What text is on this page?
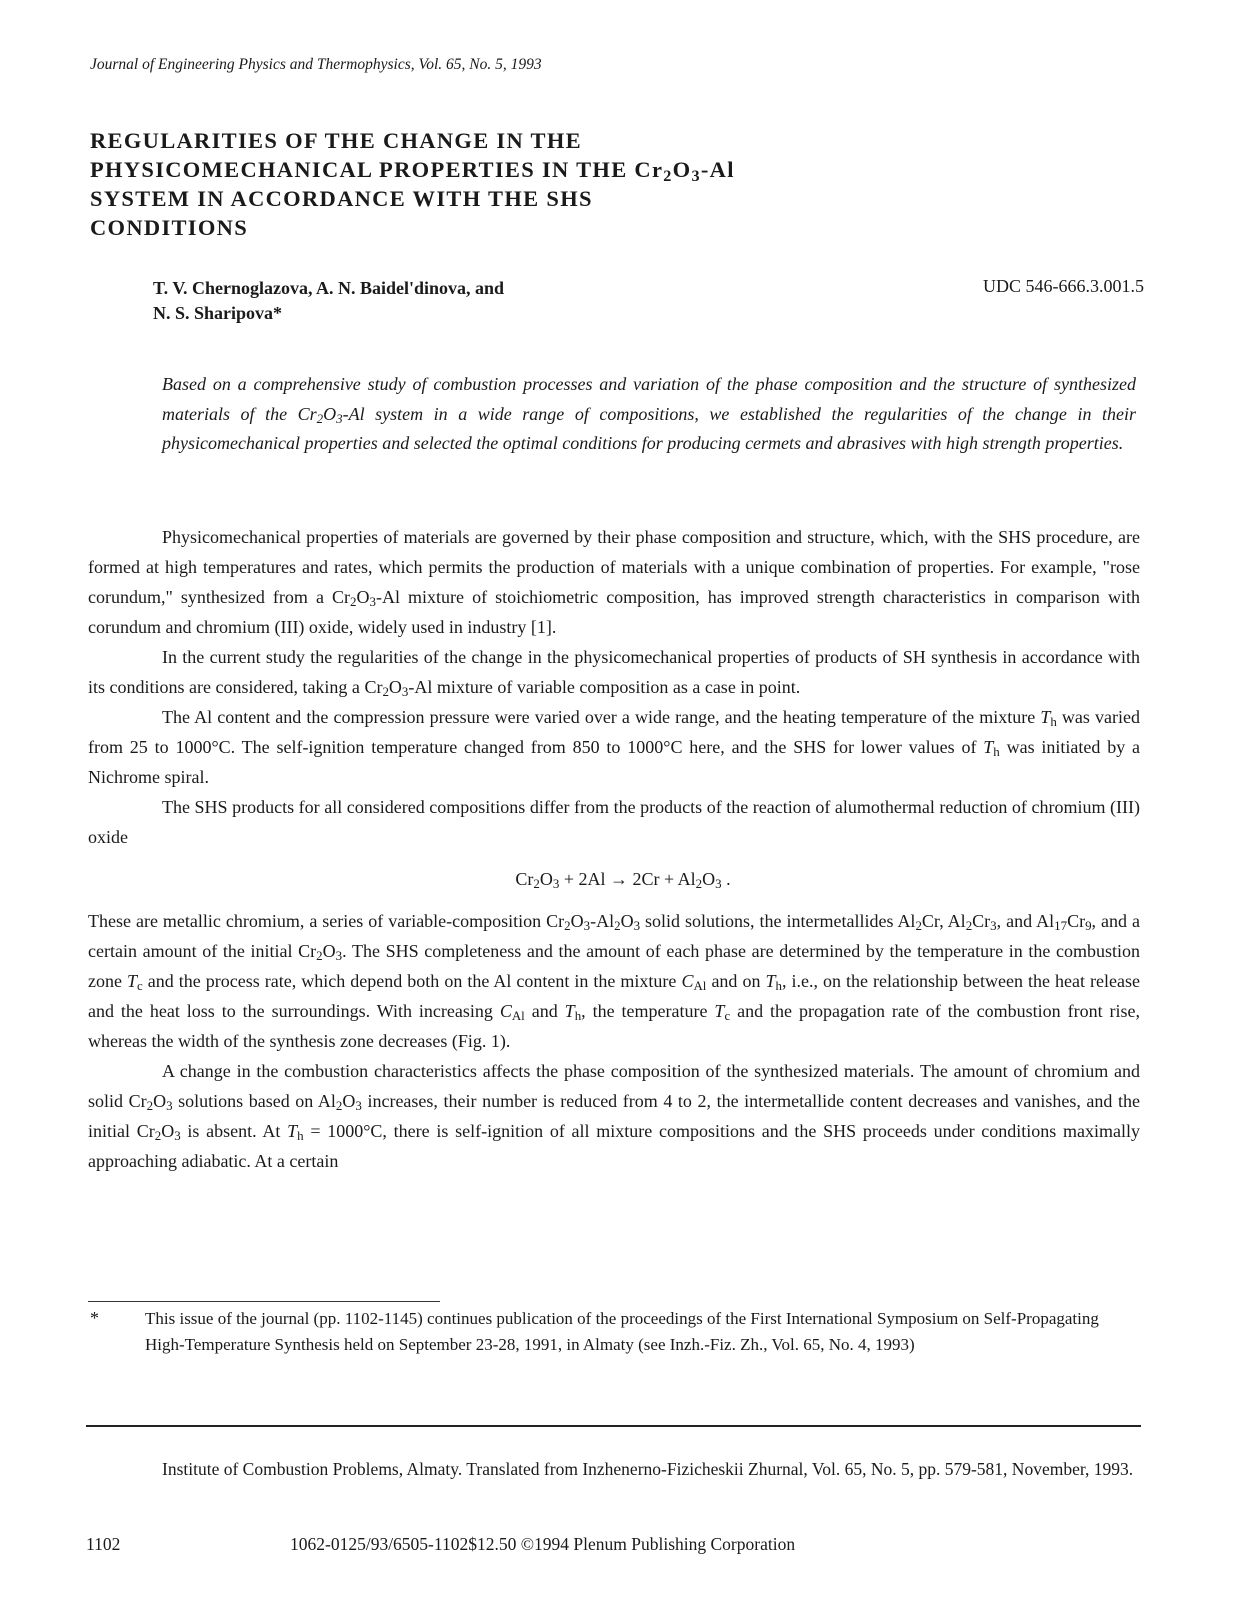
Journal of Engineering Physics and Thermophysics, Vol. 65, No. 5, 1993
REGULARITIES OF THE CHANGE IN THE
PHYSICOMECHANICAL PROPERTIES IN THE $Cr_2O_3-Al$
SYSTEM IN ACCORDANCE WITH THE SHS
CONDITIONS
T. V. Chernoglazova, A. N. Baidel'dinova, and
N. S. Sharipova*
UDC 546-666.3.001.5
Based on a comprehensive study of combustion processes and variation of the phase composition and the structure of synthesized materials of the $Cr_2O_3-Al$ system in a wide range of compositions, we established the regularities of the change in their physicomechanical properties and selected the optimal conditions for producing cermets and abrasives with high strength properties.

Physicomechanical properties of materials are governed by their phase composition and structure, which, with the SHS procedure, are formed at high temperatures and rates, which permits the production of materials with a unique combination of properties. For example, "rose corundum," synthesized from a $Cr_2O_3-Al$ mixture of stoichiometric composition, has improved strength characteristics in comparison with corundum and chromium (III) oxide, widely used in industry [1].

In the current study the regularities of the change in the physicomechanical properties of products of SH synthesis in accordance with its conditions are considered, taking a $Cr_2O_3-Al$ mixture of variable composition as a case in point.

The Al content and the compression pressure were varied over a wide range, and the heating temperature of the mixture $T_h$ was varied from 25 to 1000°C. The self-ignition temperature changed from 850 to 1000°C here, and the SHS for lower values of $T_h$ was initiated by a Nichrome spiral.

The SHS products for all considered compositions differ from the products of the reaction of alumothermal reduction of chromium (III) oxide

$Cr_2O_3 + 2Al \to 2Cr + Al_2O_3$ .

These are metallic chromium, a series of variable-composition $Cr_2O_3-Al_2O_3$ solid solutions, the intermetallides $Al_2Cr$, $Al_2Cr_3$, and $Al_{17}Cr_9$, and a certain amount of the initial $Cr_2O_3$. The SHS completeness and the amount of each phase are determined by the temperature in the combustion zone $T_c$ and the process rate, which depend both on the Al content in the mixture $C_{Al}$ and on $T_h$, i.e., on the relationship between the heat release and the heat loss to the surroundings. With increasing $C_{Al}$ and $T_h$, the temperature $T_c$ and the propagation rate of the combustion front rise, whereas the width of the synthesis zone decreases (Fig. 1).

A change in the combustion characteristics affects the phase composition of the synthesized materials. The amount of chromium and solid $Cr_2O_3$ solutions based on $Al_2O_3$ increases, their number is reduced from 4 to 2, the intermetallide content decreases and vanishes, and the initial $Cr_2O_3$ is absent. At $T_h = 1000^\circ C$, there is self-ignition of all mixture compositions and the SHS proceeds under conditions maximally approaching adiabatic. At a certain

*	This issue of the journal (pp. 1102-1145) continues publication of the proceedings of the First International Symposium on Self-Propagating High-Temperature Synthesis held on September 23-28, 1991, in Almaty (see Inzh.-Fiz. Zh., Vol. 65, No. 4, 1993)

Institute of Combustion Problems, Almaty. Translated from Inzhenerno-Fizicheskii Zhurnal, Vol. 65, No. 5, pp. 579-581, November, 1993.

1102	1062-0125/93/6505-1102$12.50 ©1994 Plenum Publishing Corporation
